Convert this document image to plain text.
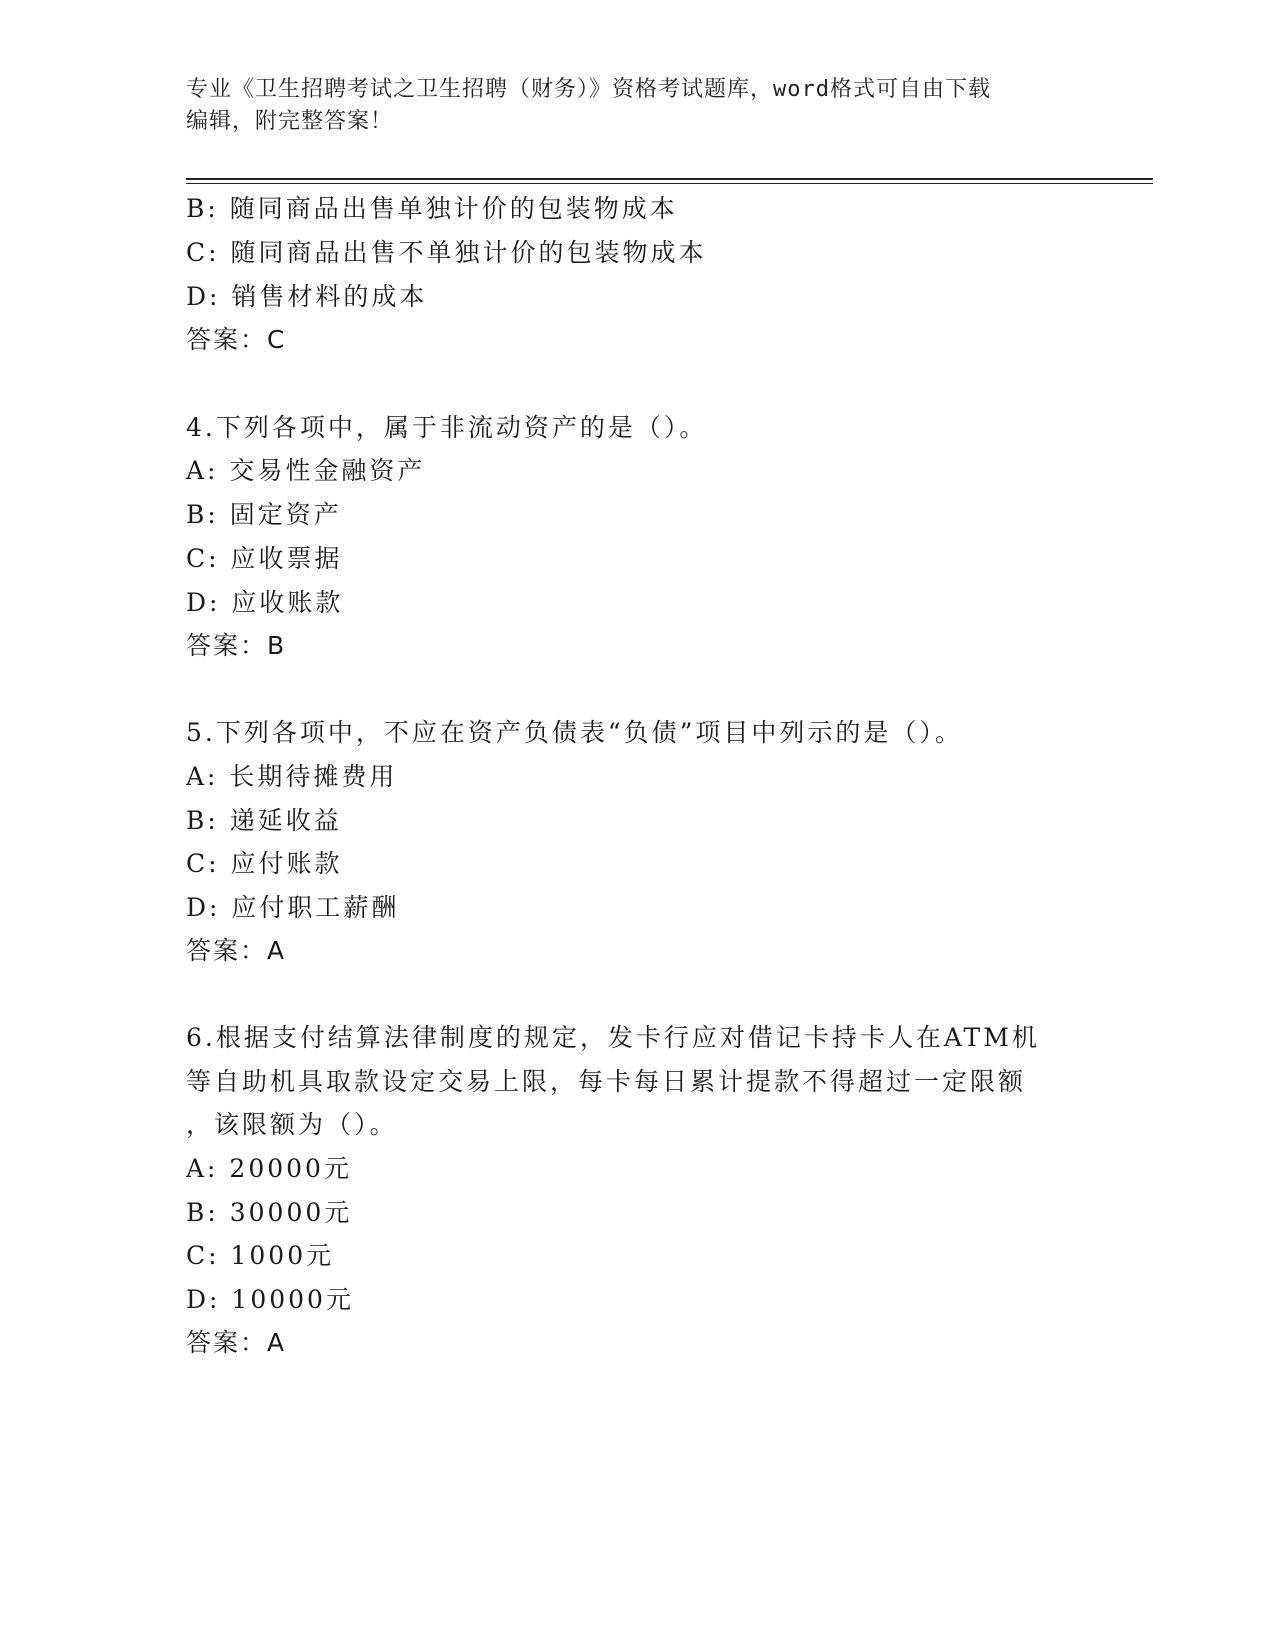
专业《卫生招聘考试之卫生招聘（财务）》资格考试题库，word格式可自由下载
编辑，附完整答案！
B: 随同商品出售单独计价的包装物成本
C: 随同商品出售不单独计价的包装物成本
D: 销售材料的成本
答案：C
4.下列各项中，属于非流动资产的是（）。
A: 交易性金融资产
B: 固定资产
C: 应收票据
D: 应收账款
答案：B
5.下列各项中，不应在资产负债表“负债”项目中列示的是（）。
A: 长期待摊费用
B: 递延收益
C: 应付账款
D: 应付职工薪酬
答案：A
6.根据支付结算法律制度的规定，发卡行应对借记卡持卡人在ATM机
等自助机具取款设定交易上限，每卡每日累计提款不得超过一定限额
，该限额为（）。
A: 20000元
B: 30000元
C: 1000元
D: 10000元
答案：A
